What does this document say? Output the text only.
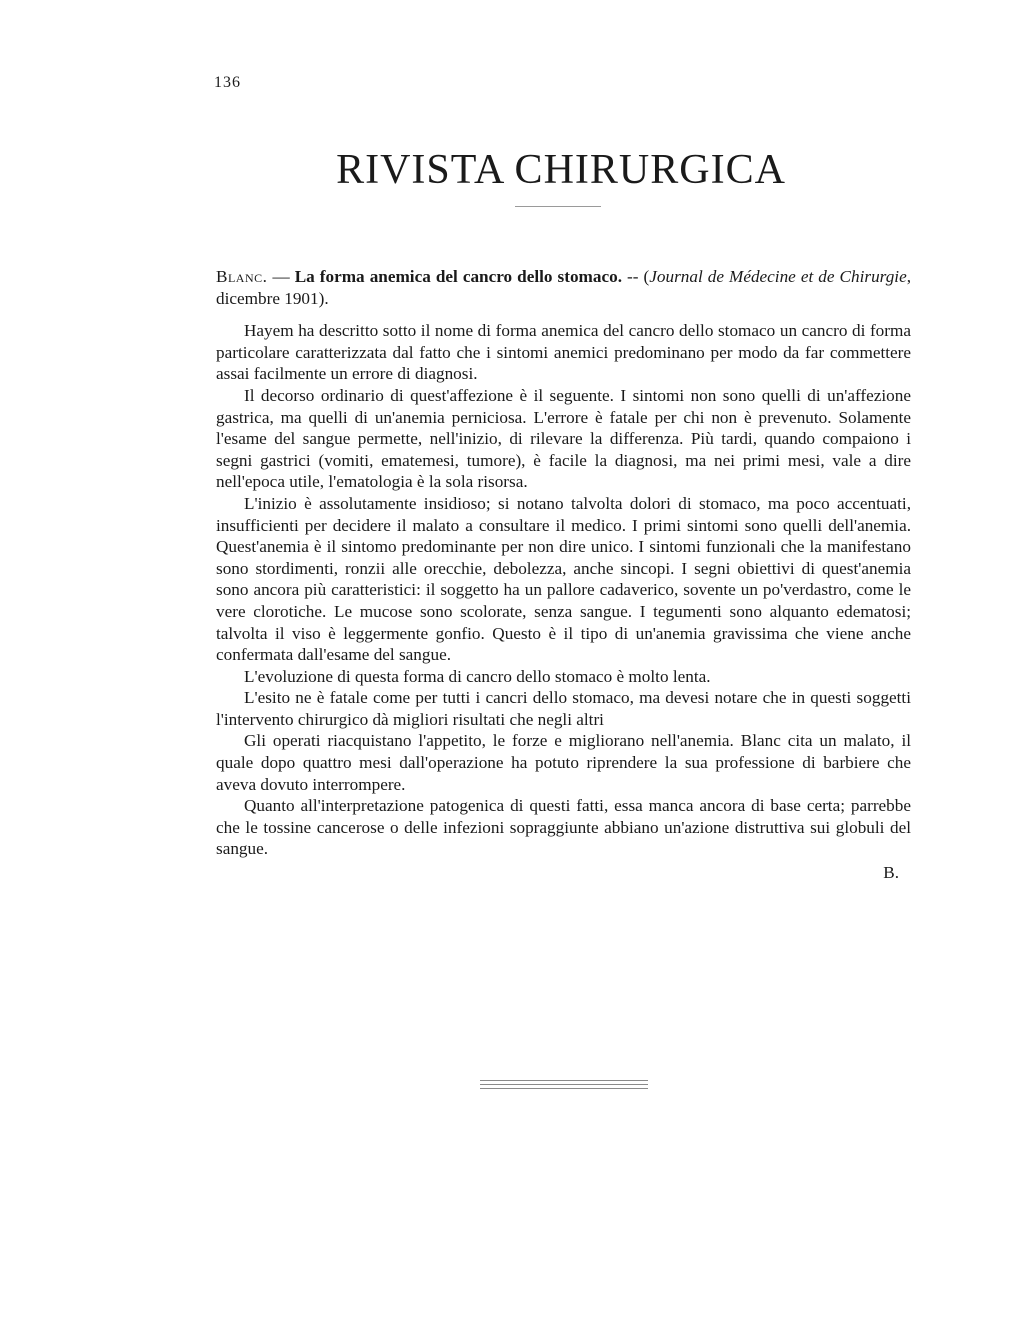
136
RIVISTA CHIRURGICA

Blanc. — La forma anemica del cancro dello stomaco. -- (Journal de Médecine et de Chirurgie, dicembre 1901).

Hayem ha descritto sotto il nome di forma anemica del cancro dello stomaco un cancro di forma particolare caratterizzata dal fatto che i sintomi anemici predominano per modo da far commettere assai facilmente un errore di diagnosi.

Il decorso ordinario di quest'affezione è il seguente. I sintomi non sono quelli di un'affezione gastrica, ma quelli di un'anemia perniciosa. L'errore è fatale per chi non è prevenuto. Solamente l'esame del sangue permette, nell'inizio, di rilevare la differenza. Più tardi, quando compaiono i segni gastrici (vomiti, ematemesi, tumore), è facile la diagnosi, ma nei primi mesi, vale a dire nell'epoca utile, l'ematologia è la sola risorsa.

L'inizio è assolutamente insidioso; si notano talvolta dolori di stomaco, ma poco accentuati, insufficienti per decidere il malato a consultare il medico. I primi sintomi sono quelli dell'anemia. Quest'anemia è il sintomo predominante per non dire unico. I sintomi funzionali che la manifestano sono stordimenti, ronzii alle orecchie, debolezza, anche sincopi. I segni obiettivi di quest'anemia sono ancora più caratteristici: il soggetto ha un pallore cadaverico, sovente un po'verdastro, come le vere clorotiche. Le mucose sono scolorate, senza sangue. I tegumenti sono alquanto edematosi; talvolta il viso è leggermente gonfio. Questo è il tipo di un'anemia gravissima che viene anche confermata dall'esame del sangue.

L'evoluzione di questa forma di cancro dello stomaco è molto lenta.

L'esito ne è fatale come per tutti i cancri dello stomaco, ma devesi notare che in questi soggetti l'intervento chirurgico dà migliori risultati che negli altri

Gli operati riacquistano l'appetito, le forze e migliorano nell'anemia. Blanc cita un malato, il quale dopo quattro mesi dall'operazione ha potuto riprendere la sua professione di barbiere che aveva dovuto interrompere.

Quanto all'interpretazione patogenica di questi fatti, essa manca ancora di base certa; parrebbe che le tossine cancerose o delle infezioni sopraggiunte abbiano un'azione distruttiva sui globuli del sangue.

B.
